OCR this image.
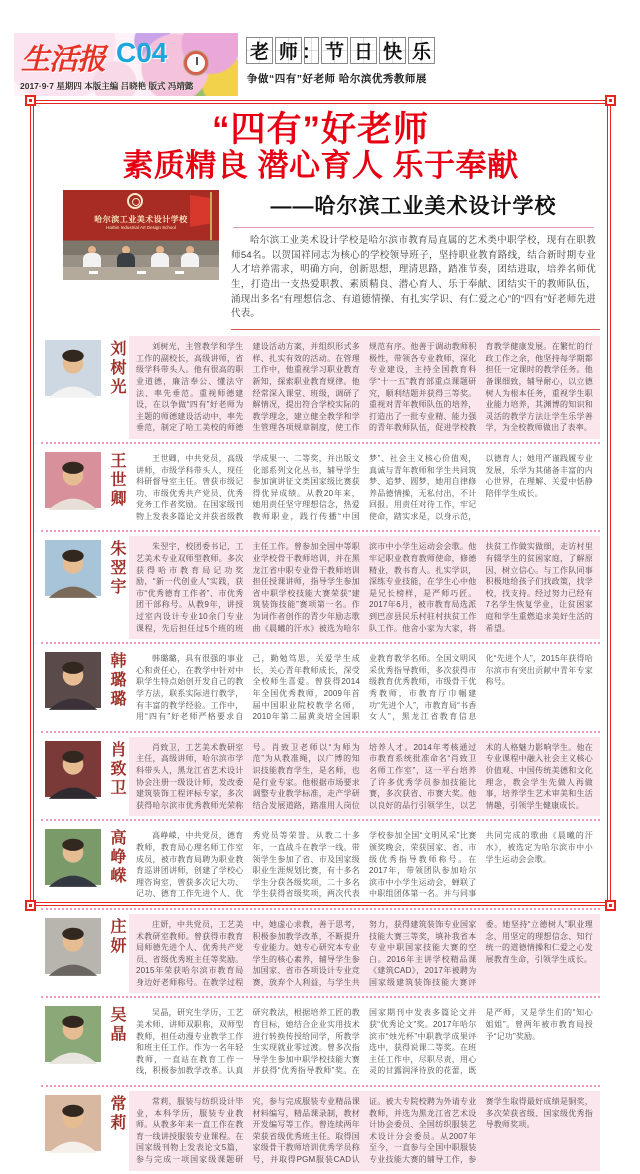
生活报 C04
2017·9·7 星期四 本版主编 吕晓艳 版式 冯靖懿
老 师 ： 节 日 快 乐
争做“四有”好老师 哈尔滨优秀教师展
“四有”好老师
素质精良 潜心育人 乐于奉献
哈尔滨工业美术设计学校
Harbin Industrial Art Design School
——哈尔滨工业美术设计学校
哈尔滨工业美术设计学校是哈尔滨市教育局直属的艺术类中职学校，现有在职教师54名。以贺国祥同志为核心的学校领导班子，坚持职业教育路线，结合新时期专业人才培养需求，明确方向，创新思想，理清思路，踏准节奏，团结进取，培养名师优生，打造出一支热爱职教、素质精良、潜心育人、乐于奉献、团结实干的教师队伍，涌现出多名“有理想信念、有道德情操、有扎实学识、有仁爱之心”的“四有”好老师先进代表。
刘树光	刘树光，主管教学和学生工作的副校长，高级讲师，省级学科带头人。他有很高的职业道德，廉洁奉公、懂法守法、率先垂范。重视师德建设，在以争做“四有”好老师为主题的师德建设活动中，率先垂范，制定了哈工美校的师德建设活动方案，并组织形式多样、扎实有效的活动。在管理工作中，他重视学习职业教育新知，探索职业教育规律。他经常深入课堂、班级，调研了解情况，提出符合学校实际的教学理念，建立健全教学和学生管理各项规章制度，使工作规范有序。他善于调动教师积极性，带领各专业教师，深化专业建设，主持全国教育科学“十一五”教育部重点课题研究，顺利结题并获得三等奖。重视对青年教师队伍的培养，打造出了一批专业精、能力强的青年教师队伍，促进学校教育教学健康发展。在繁忙的行政工作之余，他坚持每学期都担任一定课时的教学任务。他备课细致，辅导耐心，以立德树人为根本任务，重视学生职业能力培养，其渊博的知识和灵活的教学方法让学生乐学善学，为全校教师做出了表率。
王世卿	王世卿，中共党员，高级讲师，市级学科带头人，现任科研督导室主任。曾获市级记功、市级优秀共产党员、优秀党务工作者奖励。在国家级刊物上发表多篇论文并获省级教学成果一、二等奖，并出版文化部系列文化丛书，辅导学生参加演讲征文类国家级比赛获得优异成绩。从教20年来，她用责任坚守理想信念，热爱教师职业，践行传播“中国梦”、社会主义核心价值观，真诚与青年教师和学生共同筑梦、追梦、圆梦，她用自律修养品德情操，无私付出，不计回报。用责任对待工作，牢记使命，踏实求是，以身示范，以德育人；她用严谨践履专业发展，乐学为其储备丰富的内心世界，在理解、关爱中恬静陪伴学生成长。
朱翌宇	朱翌宇，校团委书记，工艺美术专业双师型教师。多次获得哈市教育局记功奖励，“新一代创业人”实践，获市“优秀德育工作者”、市优秀团干部称号。从教9年，讲授过室内设计专业10余门专业课程，先后担任过5个班的班主任工作。曾参加全国中等职业学校骨干教师培训，并在黑龙江省中职专业骨干教师培训担任授课讲师，指导学生参加省中职学校技能大赛荣获“建筑装饰技能”赛项第一名。作为词作者创作的青少年励志歌曲《晨曦的汗水》被选为哈尔滨市中小学生运动会会歌。他牢记职业教育教师使命，修德精业，教书育人。扎实学识，深练专业技能，在学生心中他是兄长榜样，是严师巧匠。2017年6月，被市教育局选派到巴彦县民乐村驻村扶贫工作队工作。他舍小家为大家，将扶贫工作做实做细，走访村里有辍学生的贫困家庭，了解原因，树立信心。与工作队同事积极地给孩子们找政策，找学校，找支持。经过努力已经有7名学生恢复学业，让贫困家庭和学生重燃追求美好生活的希望。
韩璐璐	韩璐璐，具有很强的事业心和责任心，在教学中针对中职学生特点始创开发自己的教学方法，联系实际进行教学，有丰富的教学经验。工作中，用“四有”好老师严格要求自己，勤勉笃思，关爱学生成长，关心青年教师成长，深受全校师生喜爱。曾获得2014年全国优秀教师，2009年首届中国职业院校教学名师，2010年第二届黄炎培全国职业教育教学名师。全国文明风采优秀指导教师，多次获得市级教育优秀教师，市级骨干优秀教师，市教育厅巾帼建功“先进个人”，市教育局“书香女人”，黑龙江省教育信息化“先进个人”，2015年获得哈尔滨市有突出贡献中青年专家称号。
肖致卫	肖致卫，工艺美术教研室主任，高级讲师，哈尔滨市学科带头人，黑龙江省艺术设计协会注册一级设计师，发改委建筑装饰工程评标专家，多次获得哈尔滨市优秀教师光荣称号。肖致卫老师以“为师为范”为从教准绳，以广博的知识技能教育学生，是名师，也是行业专家。他根据市场要求调整专业教学标准，走产学研结合发展道路，踏准用人岗位培养人才。2014年考核通过市教育系统批准命名“肖致卫名师工作室”，这一平台培养了许多优秀学员参加技能比赛，多次获省、市赛大奖。他以良好的品行引领学生，以艺术的人格魅力影响学生。他在专业课程中融入社会主义核心价值观、中国传统美德和文化理念，教会学生先做人再做事，培养学生艺术审美和生活情趣，引领学生健康成长。
高峥嵘	高峥嵘，中共党员，德育教师，教育局心理名师工作室成员，被市教育局聘为职业教育巡讲团讲师，创建了学校心理咨询室，曾获多次记大功、记功、德育工作先进个人、优秀党员等荣誉。从教二十多年，一直战斗在教学一线。带领学生参加了省、市及国家级职业生涯规划比赛，有十多名学生分获各级奖项，二十多名学生获得省级奖项，两次代表学校参加全国“文明风采”比赛颁奖晚会，荣获国家、省、市级优秀指导教师称号。在2017年，带领团队参加哈尔滨市中小学生运动会，蝉联了中职组团体第一名。并与同事共同完成的歌曲《晨曦的汗水》，被选定为哈尔滨市中小学生运动会会歌。
庄妍	庄妍，中共党员，工艺美术教研室教师。曾获得市教育局师德先进个人、优秀共产党员、省级优秀班主任等奖励。2015年荣获哈尔滨市教育局身边好老师称号。在教学过程中，她虚心求教，善于思考，积极参加教学改革，不断提升专业能力。她专心研究本专业学生的核心素养，辅导学生参加国家、省市各项设计专业竞赛，放弃个人利益，与学生共努力，获得建筑装饰专业国家技能大赛三等奖，填补我省本专业中职国家技能大赛的空白。2016年主讲学校精品课《建筑CAD》，2017年被聘为国家级建筑装饰技能大赛评委。她坚持“立德树人”职业理念，用坚定的理想信念、知行统一的道德情操和仁爱之心发展教育生命，引领学生成长。
吴晶	吴晶，研究生学历，工艺美术师、讲师双职称，双师型教师，担任动漫专业教学工作和班主任工作。作为一名年轻教师，一直站在教育工作一线，积极参加教学改革。认真研究教法，根据培养工匠的教育目标，她结合企业实用技术进行转换传授给同学，所教学生实现就业零过渡。曾多次指导学生参加中职学校技能大赛并获得“优秀指导教师”奖。在国家期刊中发表多篇论文并获“优秀论文”奖。2017年哈尔滨市“烛光杯”中职教学成果评选中，获得说课二等奖。在班主任工作中，尽职尽责，用心灵的甘露润泽待放的花蕾，既是严师，又是学生们的“知心姐姐”。曾两年被市教育局授予“记功”奖励。
常莉	常莉，服装与纺织设计毕业，本科学历，服装专业教师。从教多年来一直工作在教育一线讲授服装专业课程。在国家级刊物上发表论文5篇，参与完成一项国家级课题研究，参与完成服装专业精品课材料编写，精品课录制，教材开发编写等工作。曾连续两年荣获省级优秀班主任。取得国家级骨干教师培训优秀学员称号，并取得PGM服装CAD认证。被大专院校聘为外请专业教师，并选为黑龙江省艺术设计协会委员、全国纺织服装艺术设计分会委员。从2007年至今，一直参与全国中职服装专业技能大赛的辅导工作，参赛学生取得最好成绩是铜奖，多次荣获省级、国家级优秀指导教师奖项。
